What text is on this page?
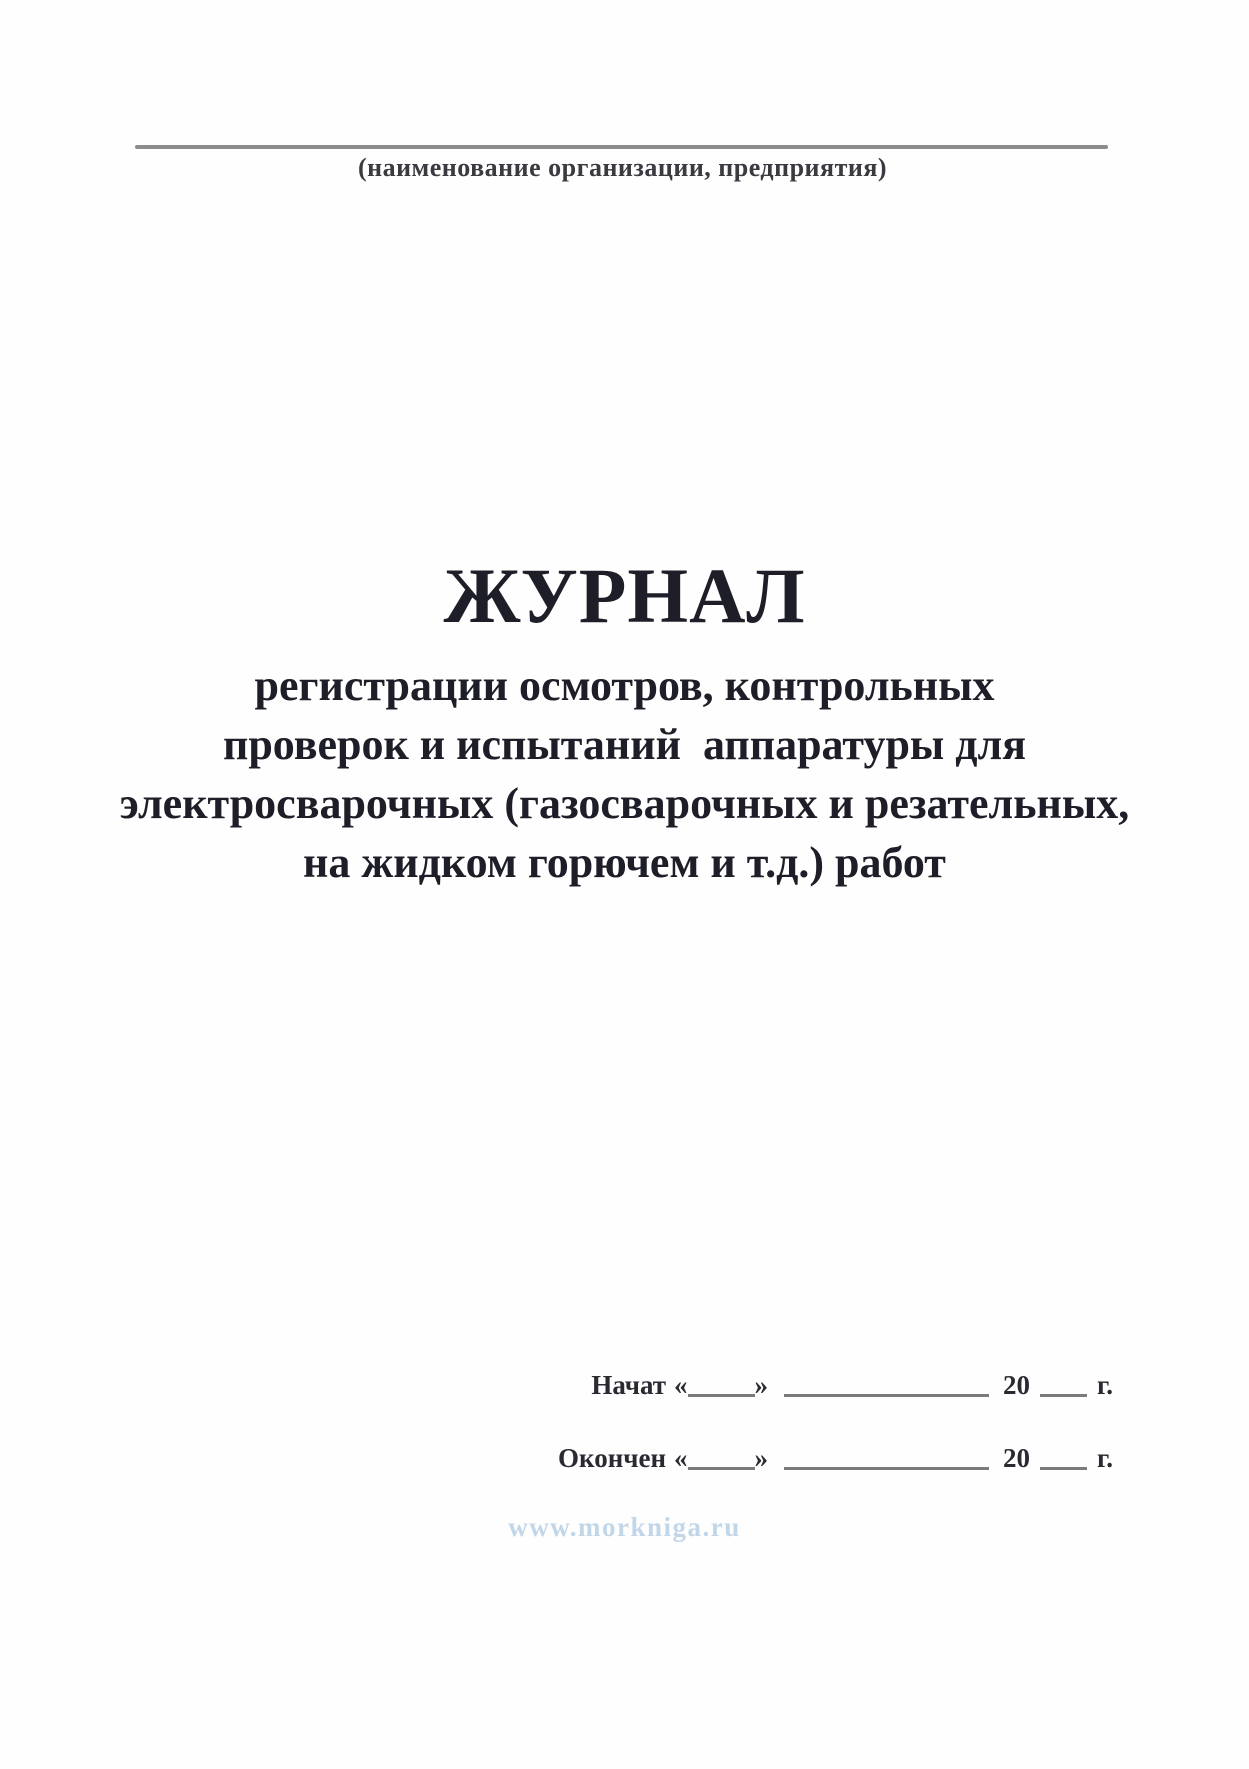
(наименование организации, предприятия)
ЖУРНАЛ
регистрации осмотров, контрольных
проверок и испытаний  аппаратуры для
электросварочных (газосварочных и резательных,
на жидком горючем и т.д.) работ
Начат « »	20 г.
Окончен « »	20 г.
www.morkniga.ru
